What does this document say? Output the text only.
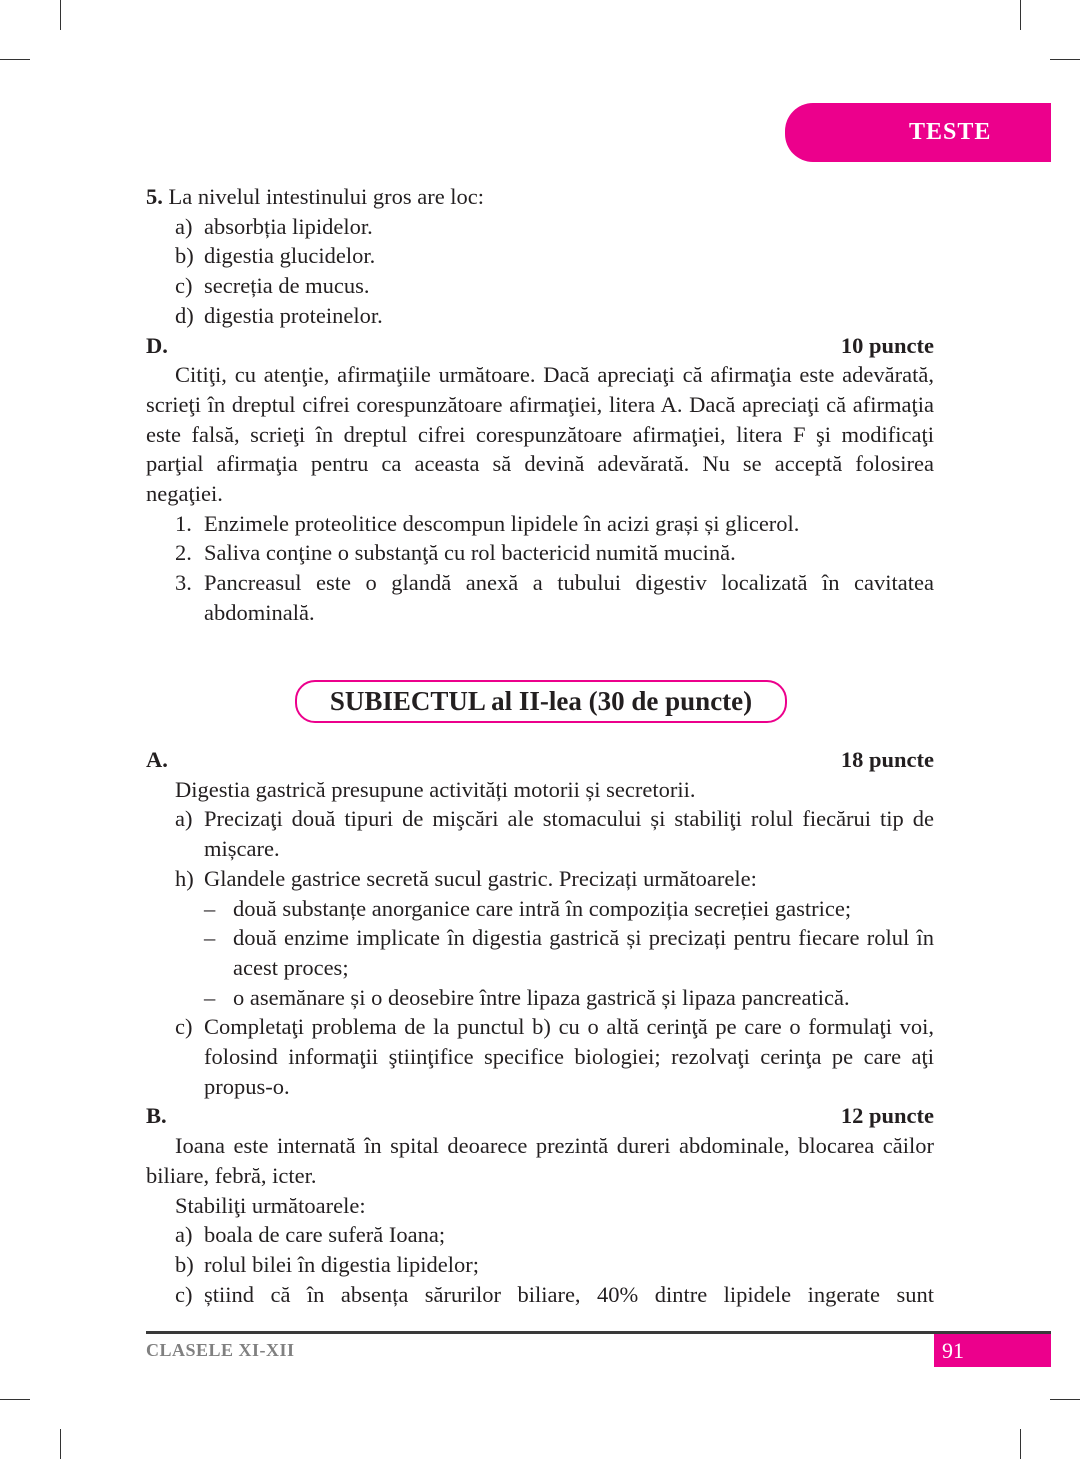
TESTE
5. La nivelul intestinului gros are loc:
a) absorbția lipidelor.
b) digestia glucidelor.
c) secreția de mucus.
d) digestia proteinelor.
D.	10 puncte
Citiţi, cu atenţie, afirmaţiile următoare. Dacă apreciaţi că afirmaţia este adevărată, scrieţi în dreptul cifrei corespunzătoare afirmaţiei, litera A. Dacă apreciaţi că afirmaţia este falsă, scrieţi în dreptul cifrei corespunzătoare afirmaţiei, litera F şi modificaţi parţial afirmaţia pentru ca aceasta să devină adevărată. Nu se acceptă folosirea negaţiei.
1. Enzimele proteolitice descompun lipidele în acizi grași și glicerol.
2. Saliva conţine o substanţă cu rol bactericid numită mucină.
3. Pancreasul este o glandă anexă a tubului digestiv localizată în cavitatea abdominală.
SUBIECTUL al II-lea (30 de puncte)
A.	18 puncte
Digestia gastrică presupune activități motorii și secretorii.
a) Precizaţi două tipuri de mişcări ale stomacului și stabiliţi rolul fiecărui tip de mișcare.
h) Glandele gastrice secretă sucul gastric. Precizați următoarele:
– două substanțe anorganice care intră în compoziția secreției gastrice;
– două enzime implicate în digestia gastrică și precizați pentru fiecare rolul în acest proces;
– o asemănare și o deosebire între lipaza gastrică și lipaza pancreatică.
c) Completaţi problema de la punctul b) cu o altă cerinţă pe care o formulaţi voi, folosind informaţii ştiinţifice specifice biologiei; rezolvaţi cerinţa pe care aţi propus-o.
B.	12 puncte
Ioana este internată în spital deoarece prezintă dureri abdominale, blocarea căilor biliare, febră, icter.
Stabiliţi următoarele:
a) boala de care suferă Ioana;
b) rolul bilei în digestia lipidelor;
c) știind că în absența sărurilor biliare, 40% dintre lipidele ingerate sunt
CLASELE XI-XII	91
